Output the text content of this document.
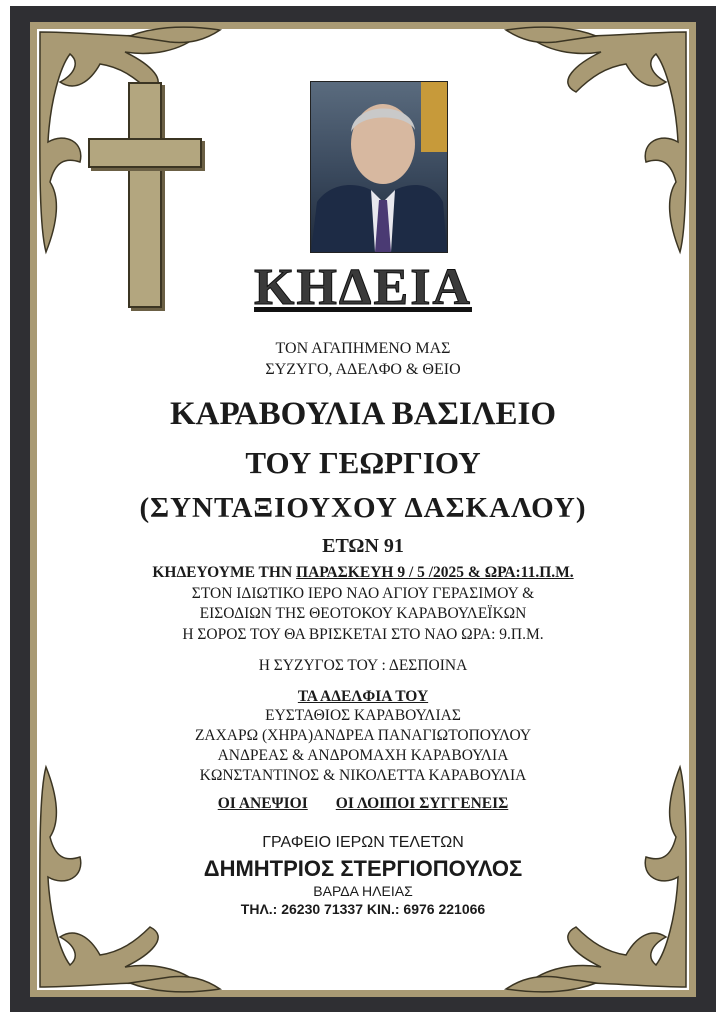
ΚΗΔΕΙΑ
ΤΟΝ ΑΓΑΠΗΜΕΝΟ ΜΑΣ
ΣΥΖΥΓΟ, ΑΔΕΛΦΟ & ΘΕΙΟ
ΚΑΡΑΒΟΥΛΙΑ ΒΑΣΙΛΕΙΟ
ΤΟΥ ΓΕΩΡΓΙΟΥ
(ΣΥΝΤΑΞΙΟΥΧΟΥ ΔΑΣΚΑΛΟΥ)
ΕΤΩΝ 91
ΚΗΔΕΥΟΥΜΕ ΤΗΝ ΠΑΡΑΣΚΕΥΗ 9 / 5 /2025 & ΩΡΑ:11.Π.Μ.
ΣΤΟΝ ΙΔΙΩΤΙΚΟ ΙΕΡΟ ΝΑΟ ΑΓΙΟΥ ΓΕΡΑΣΙΜΟΥ &
ΕΙΣΟΔΙΩΝ ΤΗΣ ΘΕΟΤΟΚΟΥ ΚΑΡΑΒΟΥΛΕΪΚΩΝ
Η ΣΟΡΟΣ ΤΟΥ ΘΑ ΒΡΙΣΚΕΤΑΙ ΣΤΟ ΝΑΟ ΩΡΑ: 9.Π.Μ.
Η ΣΥΖΥΓΟΣ ΤΟΥ : ΔΕΣΠΟΙΝΑ
ΤΑ ΑΔΕΛΦΙΑ ΤΟΥ
ΕΥΣΤΑΘΙΟΣ ΚΑΡΑΒΟΥΛΙΑΣ
ΖΑΧΑΡΩ (ΧΗΡΑ)ΑΝΔΡΕΑ ΠΑΝΑΓΙΩΤΟΠΟΥΛΟΥ
ΑΝΔΡΕΑΣ & ΑΝΔΡΟΜΑΧΗ ΚΑΡΑΒΟΥΛΙΑ
ΚΩΝΣΤΑΝΤΙΝΟΣ & ΝΙΚΟΛΕΤΤΑ ΚΑΡΑΒΟΥΛΙΑ
ΟΙ ΑΝΕΨΙΟΙ ΟΙ ΛΟΙΠΟΙ ΣΥΓΓΕΝΕΙΣ
ΓΡΑΦΕΙΟ ΙΕΡΩΝ ΤΕΛΕΤΩΝ
ΔΗΜΗΤΡΙΟΣ ΣΤΕΡΓΙΟΠΟΥΛΟΣ
ΒΑΡΔΑ ΗΛΕΙΑΣ
ΤΗΛ.: 26230 71337 ΚΙΝ.: 6976 221066
